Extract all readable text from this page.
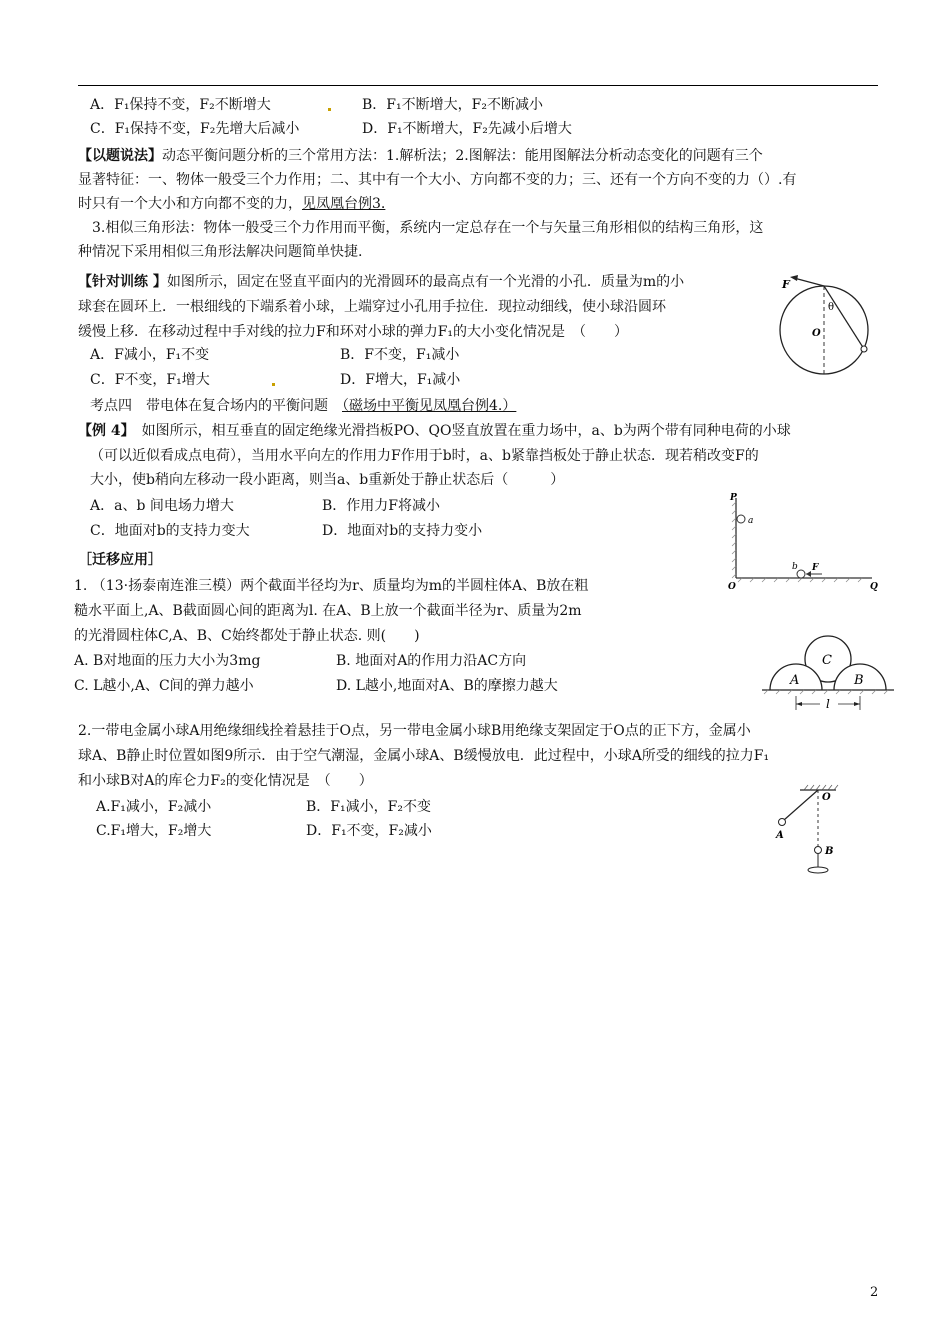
A．F₁保持不变，F₂不断增大	B．F₁不断增大，F₂不断减小
C．F₁保持不变，F₂先增大后减小	D．F₁不断增大，F₂先减小后增大
【以题说法】动态平衡问题分析的三个常用方法：1.解析法；2.图解法：能用图解法分析动态变化的问题有三个
显著特征：一、物体一般受三个力作用；二、其中有一个大小、方向都不变的力；三、还有一个方向不变的力（）.有
时只有一个大小和方向都不变的力，见凤凰台例3.
3.相似三角形法：物体一般受三个力作用而平衡，系统内一定总存在一个与矢量三角形相似的结构三角形，这
种情况下采用相似三角形法解决问题简单快捷.
【针对训练 】如图所示，固定在竖直平面内的光滑圆环的最高点有一个光滑的小孔．质量为m的小
球套在圆环上．一根细线的下端系着小球，上端穿过小孔用手拉住．现拉动细线，使小球沿圆环
缓慢上移．在移动过程中手对线的拉力F和环对小球的弹力F₁的大小变化情况是　（　　）
A．F减小，F₁不变	B．F不变，F₁减小
C．F不变，F₁增大	D．F增大，F₁减小
F
θ
O
考点四　带电体在复合场内的平衡问题　 （磁场中平衡见凤凰台例4.）
【例 4】　 如图所示，相互垂直的固定绝缘光滑挡板PO、QO竖直放置在重力场中，a、b为两个带有同种电荷的小球
（可以近似看成点电荷），当用水平向左的作用力F作用于b时，a、b紧靠挡板处于静止状态．现若稍改变F的
大小，使b稍向左移动一段小距离，则当a、b重新处于静止状态后（　　　）
A．a、b 间电场力增大	B．作用力F将减小
C．地面对b的支持力变大	D．地面对b的支持力变小
P
a
b F
O	Q
［迁移应用］
1. （13·扬泰南连淮三模）两个截面半径均为r、质量均为m的半圆柱体A、B放在粗
糙水平面上,A、B截面圆心间的距离为l. 在A、B上放一个截面半径为r、质量为2m
的光滑圆柱体C,A、B、C始终都处于静止状态. 则(　　)
A. B对地面的压力大小为3mg	B. 地面对A的作用力沿AC方向
C. L越小,A、C间的弹力越小	D. L越小,地面对A、B的摩擦力越大
C
A	B
l
2.一带电金属小球A用绝缘细线拴着悬挂于O点，另一带电金属小球B用绝缘支架固定于O点的正下方，金属小
球A、B静止时位置如图9所示．由于空气潮湿，金属小球A、B缓慢放电．此过程中，小球A所受的细线的拉力F₁
和小球B对A的库仑力F₂的变化情况是　（　　）
A.F₁减小，F₂减小	B．F₁减小，F₂不变
C.F₁增大，F₂增大	D．F₁不变，F₂减小
O
A
B
2
